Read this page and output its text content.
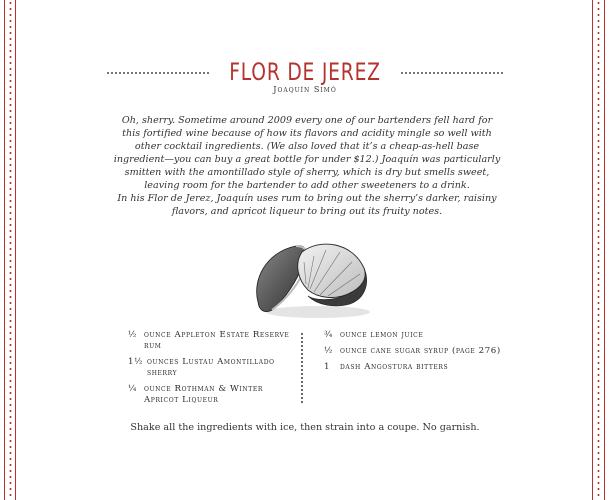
FLOR DE JEREZ
Joaquín Simó

Oh, sherry. Sometime around 2009 every one of our bartenders fell hard for this fortified wine because of how its flavors and acidity mingle so well with other cocktail ingredients. (We also loved that it’s a cheap-as-hell base ingredient—you can buy a great bottle for under $12.) Joaquín was particularly smitten with the amontillado style of sherry, which is dry but smells sweet, leaving room for the bartender to add other sweeteners to a drink.

In his Flor de Jerez, Joaquín uses rum to bring out the sherry’s darker, raisiny flavors, and apricot liqueur to bring out its fruity notes.

½ ounce Appleton Estate Reserve rum
1½ ounces Lustau Amontillado sherry
¼ ounce Rothman & Winter Apricot Liqueur
¾ ounce lemon juice
½ ounce cane sugar syrup (page 276)
1	dash Angostura bitters
Shake all the ingredients with ice, then strain into a coupe. No garnish.
